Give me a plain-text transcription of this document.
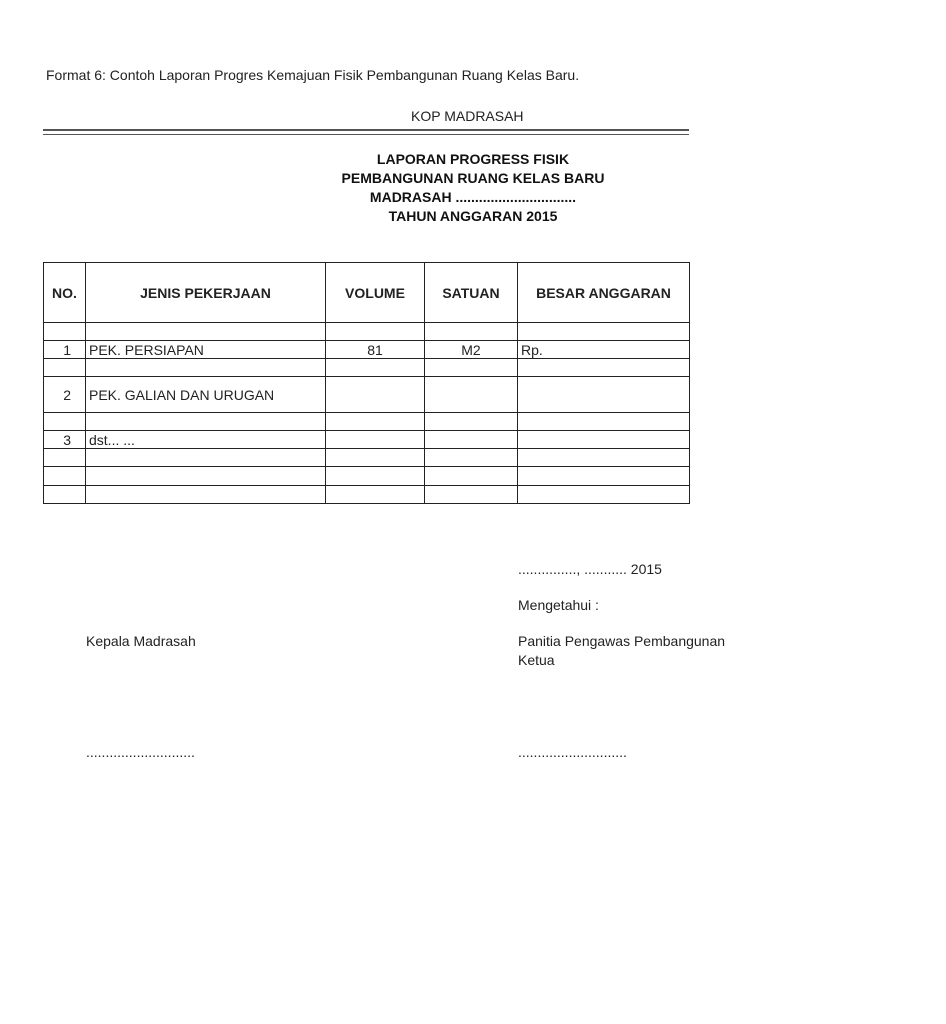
Format 6: Contoh Laporan Progres Kemajuan Fisik Pembangunan Ruang Kelas Baru.
KOP MADRASAH
LAPORAN PROGRESS FISIK
PEMBANGUNAN RUANG KELAS BARU
MADRASAH ...............................
TAHUN ANGGARAN 2015
NO.	JENIS PEKERJAAN	VOLUME	SATUAN	BESAR ANGGARAN

1	PEK. PERSIAPAN	81	M2	Rp.

2	PEK. GALIAN DAN URUGAN			

3	dst... ...			

..............., ........... 2015
Mengetahui :
Kepala Madrasah	Panitia Pengawas Pembangunan
Ketua
............................	............................
